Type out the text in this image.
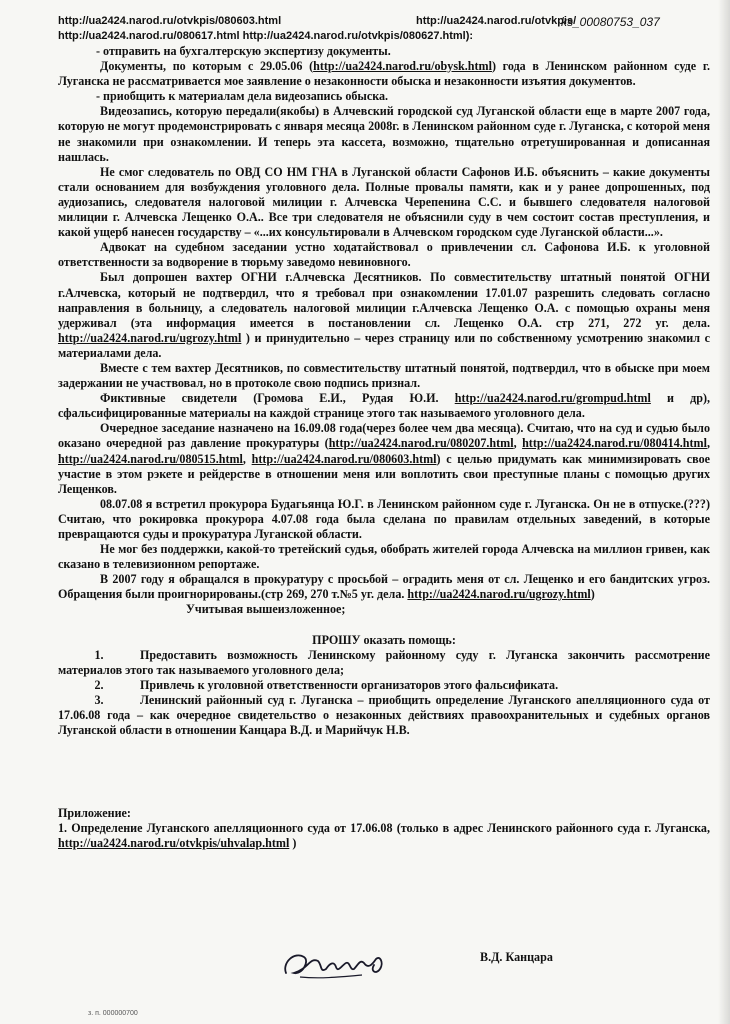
http://ua2424.narod.ru/otvkpis/080603.html	http://ua2424.narod.ru/otvkpis/
ks_00080753_037
http://ua2424.narod.ru/080617.html http://ua2424.narod.ru/otvkpis/080627.html):

- отправить на бухгалтерскую экспертизу документы.

Документы, по которым с 29.05.06 (http://ua2424.narod.ru/obysk.html) года в Ленинском районном суде г. Луганска не рассматривается мое заявление о незаконности обыска и незаконности изъятия документов.

- приобщить к материалам дела видеозапись обыска.

Видеозапись, которую передали(якобы) в Алчевский городской суд Луганской области еще в марте 2007 года, которую не могут продемонстрировать с января месяца 2008г. в Ленинском районном суде г. Луганска, с которой меня не знакомили при ознакомлении. И теперь эта кассета, возможно, тщательно отретушированная и дописанная нашлась.

Не смог следователь по ОВД СО НМ ГНА в Луганской области Сафонов И.Б. объяснить – какие документы стали основанием для возбуждения уголовного дела. Полные провалы памяти, как и у ранее допрошенных, под аудиозапись, следователя налоговой милиции г. Алчевска Черепенина С.С. и бывшего следователя налоговой милиции г. Алчевска Лещенко О.А.. Все три следователя не объяснили суду в чем состоит состав преступления, и какой ущерб нанесен государству – «...их консультировали в Алчевском городском суде Луганской области...».

Адвокат на судебном заседании устно ходатайствовал о привлечении сл. Сафонова И.Б. к уголовной ответственности за водворение в тюрьму заведомо невиновного.

Был допрошен вахтер ОГНИ г.Алчевска Десятников. По совместительству штатный понятой ОГНИ г.Алчевска, который не подтвердил, что я требовал при ознакомлении 17.01.07 разрешить следовать согласно направления в больницу, а следователь налоговой милиции г.Алчевска Лещенко О.А. с помощью охраны меня удерживал (эта информация имеется в постановлении сл. Лещенко О.А. стр 271, 272 уг. дела. http://ua2424.narod.ru/ugrozy.html ) и принудительно – через страницу или по собственному усмотрению знакомил с материалами дела.

Вместе с тем вахтер Десятников, по совместительству штатный понятой, подтвердил, что в обыске при моем задержании не участвовал, но в протоколе свою подпись признал.

Фиктивные свидетели (Громова Е.И., Рудая Ю.И. http://ua2424.narod.ru/grompud.html и др), сфальсифицированные материалы на каждой странице этого так называемого уголовного дела.

Очередное заседание назначено на 16.09.08 года(через более чем два месяца). Считаю, что на суд и судью было оказано очередной раз давление прокуратуры (http://ua2424.narod.ru/080207.html, http://ua2424.narod.ru/080414.html, http://ua2424.narod.ru/080515.html, http://ua2424.narod.ru/080603.html) с целью придумать как минимизировать свое участие в этом рэкете и рейдерстве в отношении меня или воплотить свои преступные планы с помощью других Лещенков.

08.07.08 я встретил прокурора Будагьянца Ю.Г. в Ленинском районном суде г. Луганска. Он не в отпуске.(???) Считаю, что рокировка прокурора 4.07.08 года была сделана по правилам отдельных заведений, в которые превращаются суды и прокуратура Луганской области.

Не мог без поддержки, какой-то третейский судья, обобрать жителей города Алчевска на миллион гривен, как сказано в телевизионном репортаже.

В 2007 году я обращался в прокуратуру с просьбой – оградить меня от сл. Лещенко и его бандитских угроз. Обращения были проигнорированы.(стр 269, 270 т.№5 уг. дела. http://ua2424.narod.ru/ugrozy.html)

Учитывая вышеизложенное;

ПРОШУ оказать помощь:

1.	Предоставить возможность Ленинскому районному суду г. Луганска закончить рассмотрение материалов этого так называемого уголовного дела;

2.	Привлечь к уголовной ответственности организаторов этого фальсификата.

3.	Ленинский районный суд г. Луганска – приобщить определение Луганского апелляционного суда от 17.06.08 года – как очередное свидетельство о незаконных действиях правоохранительных и судебных органов Луганской области в отношении Канцара В.Д. и Марийчук Н.В.

Приложение:

1. Определение Луганского апелляционного суда от 17.06.08 (только в адрес Ленинского районного суда г. Луганска, http://ua2424.narod.ru/otvkpis/uhvalap.html )

В.Д. Канцара
з. п. 000000700
